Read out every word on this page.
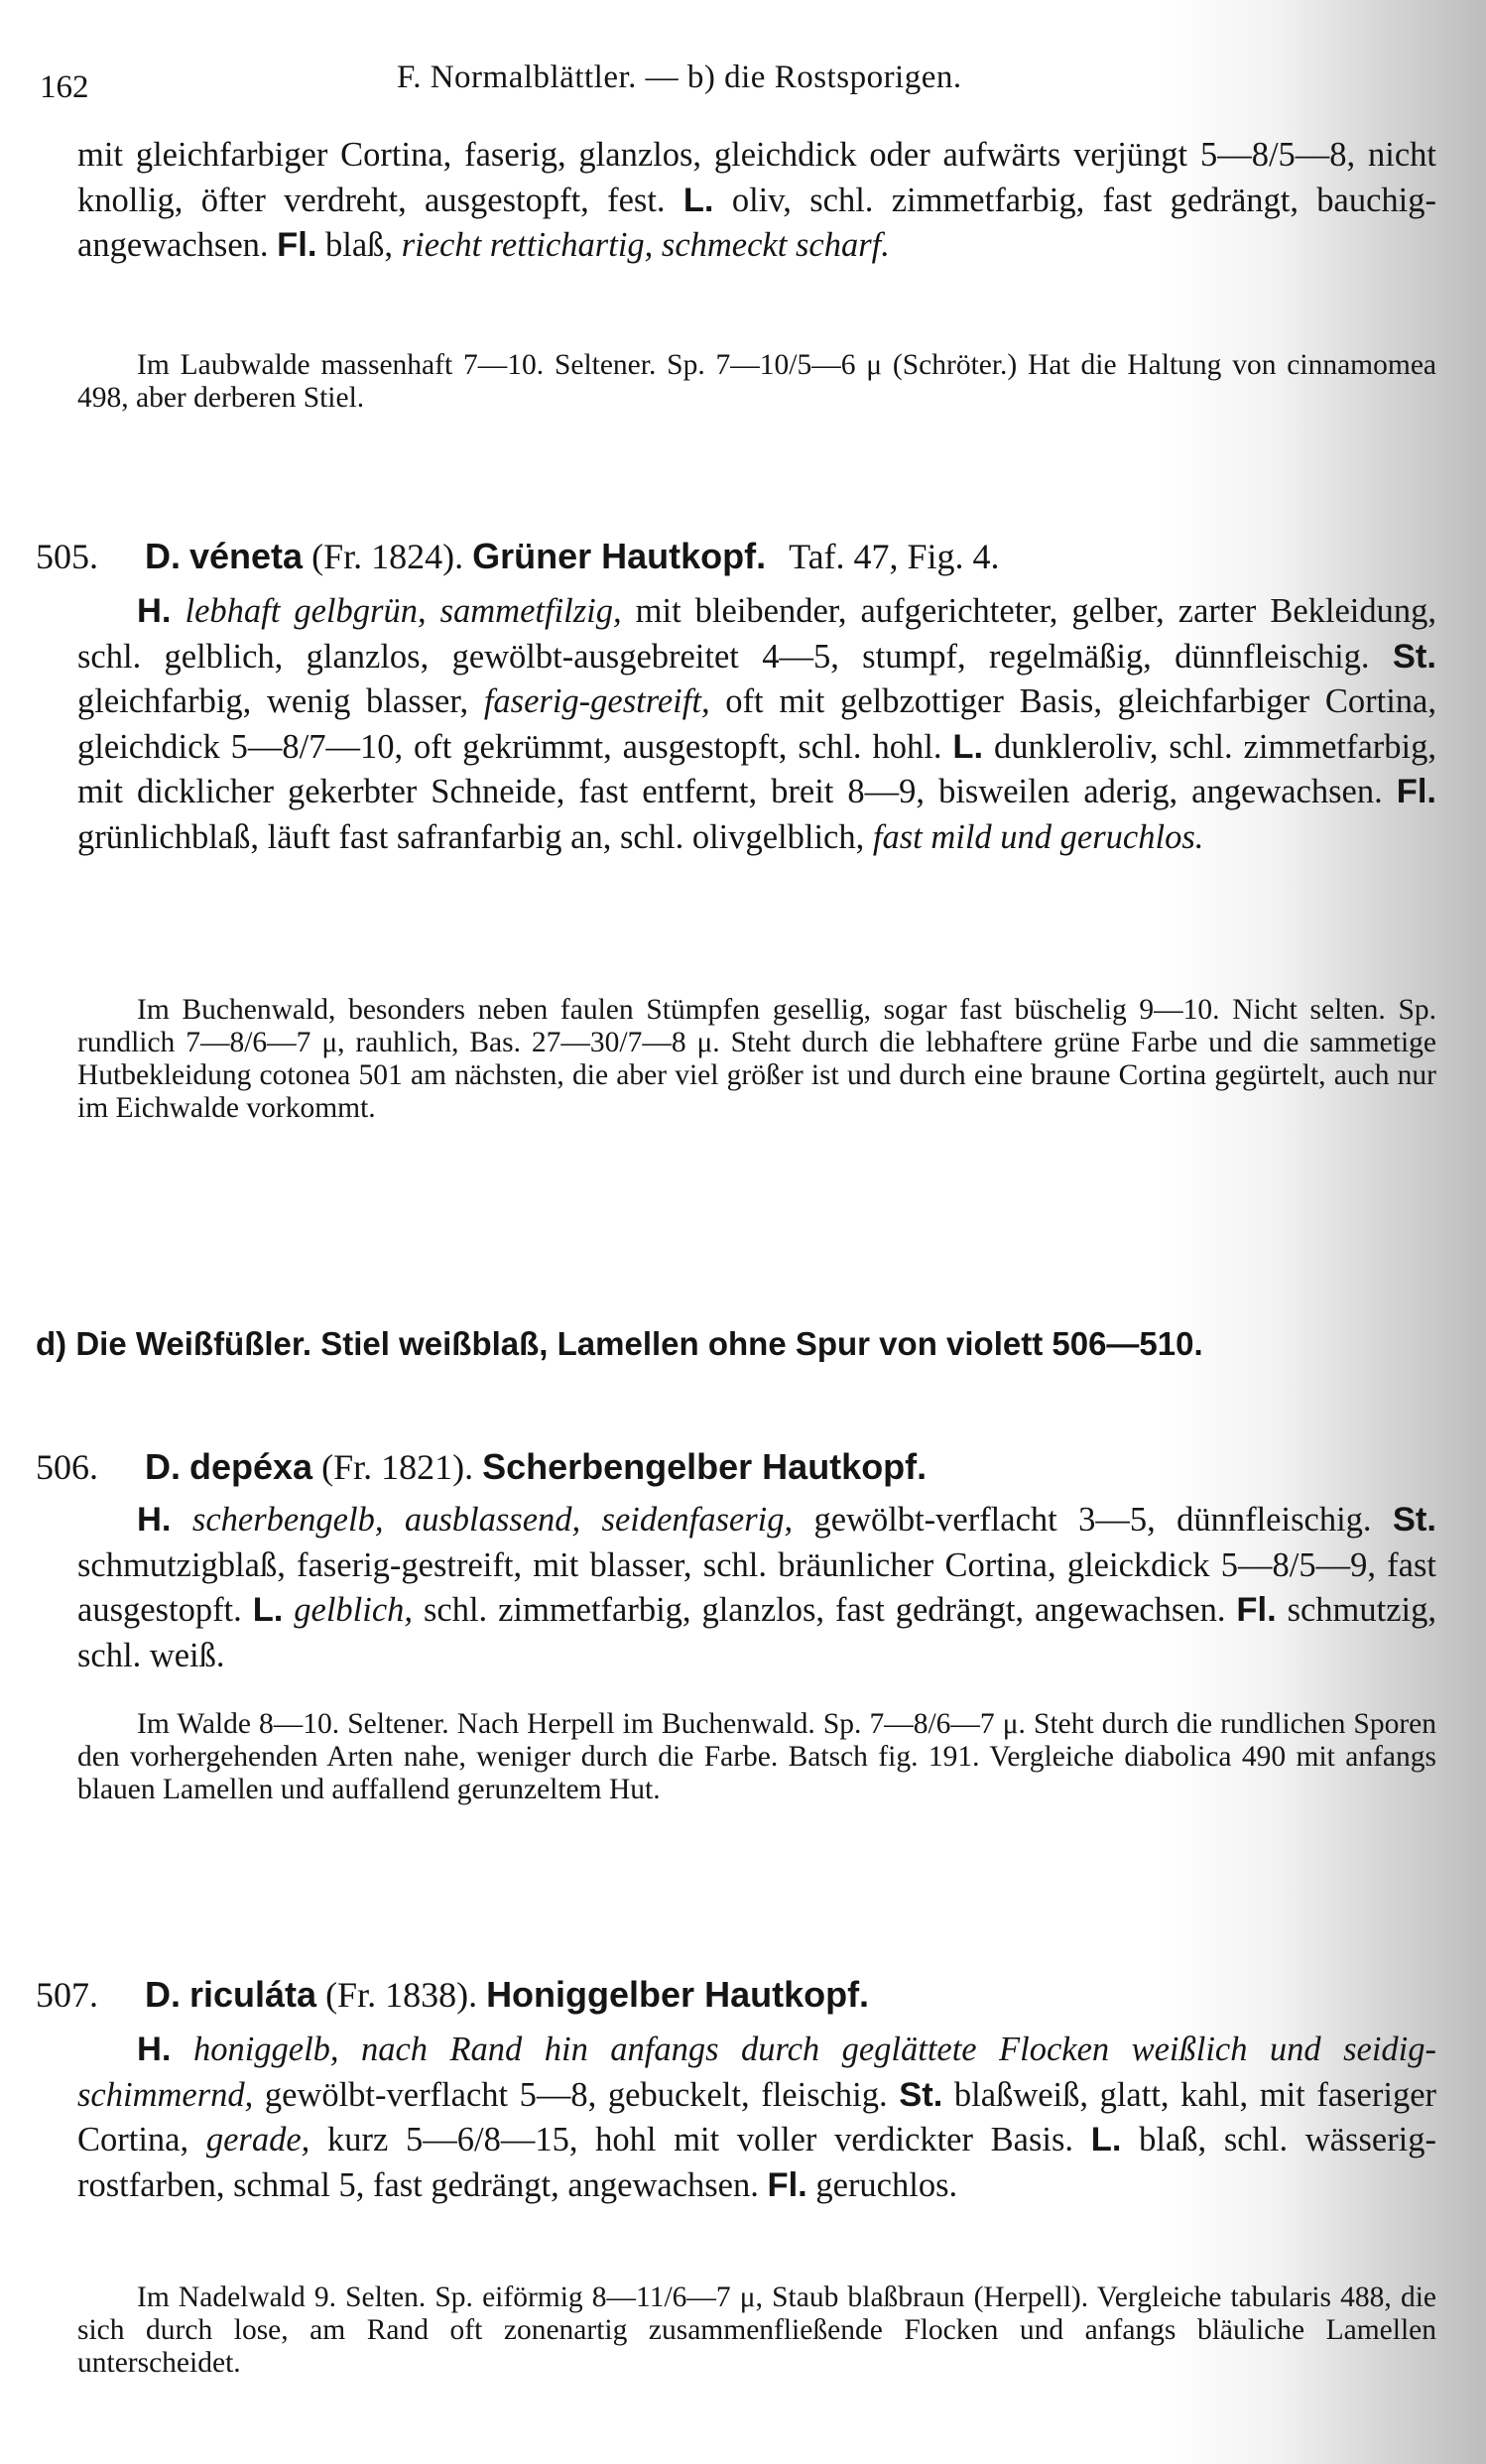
162	F. Normalblättler. — b) die Rostsporigen.

mit gleichfarbiger Cortina, faserig, glanzlos, gleichdick oder aufwärts verjüngt 5—8/5—8, nicht knollig, öfter verdreht, ausgestopft, fest. L. oliv, schl. zimmetfarbig, fast gedrängt, bauchig-angewachsen. Fl. blaß, riecht rettichartig, schmeckt scharf.

Im Laubwalde massenhaft 7—10. Seltener. Sp. 7—10/5—6 μ (Schröter.) Hat die Haltung von cinnamomea 498, aber derberen Stiel.

505. D. véneta (Fr. 1824). Grüner Hautkopf. Taf. 47, Fig. 4.

H. lebhaft gelbgrün, sammetfilzig, mit bleibender, aufgerichteter, gelber, zarter Bekleidung, schl. gelblich, glanzlos, gewölbt-ausgebreitet 4—5, stumpf, regelmäßig, dünnfleischig. St. gleichfarbig, wenig blasser, faserig-gestreift, oft mit gelbzottiger Basis, gleichfarbiger Cortina, gleichdick 5—8/7—10, oft gekrümmt, ausgestopft, schl. hohl. L. dunkleroliv, schl. zimmetfarbig, mit dicklicher gekerbter Schneide, fast entfernt, breit 8—9, bisweilen aderig, angewachsen. Fl. grünlichblaß, läuft fast safranfarbig an, schl. olivgelblich, fast mild und geruchlos.

Im Buchenwald, besonders neben faulen Stümpfen gesellig, sogar fast büschelig 9—10. Nicht selten. Sp. rundlich 7—8/6—7 μ, rauhlich, Bas. 27—30/7—8 μ. Steht durch die lebhaftere grüne Farbe und die sammetige Hutbekleidung cotonea 501 am nächsten, die aber viel größer ist und durch eine braune Cortina gegürtelt, auch nur im Eichwalde vorkommt.

d) Die Weißfüßler. Stiel weißblaß, Lamellen ohne Spur von violett 506—510.
506. D. depéxa (Fr. 1821). Scherbengelber Hautkopf.

H. scherbengelb, ausblassend, seidenfaserig, gewölbt-verflacht 3—5, dünnfleischig. St. schmutzigblaß, faserig-gestreift, mit blasser, schl. bräunlicher Cortina, gleickdick 5—8/5—9, fast ausgestopft. L. gelblich, schl. zimmetfarbig, glanzlos, fast gedrängt, angewachsen. Fl. schmutzig, schl. weiß.

Im Walde 8—10. Seltener. Nach Herpell im Buchenwald. Sp. 7—8/6—7 μ. Steht durch die rundlichen Sporen den vorhergehenden Arten nahe, weniger durch die Farbe. Batsch fig. 191. Vergleiche diabolica 490 mit anfangs blauen Lamellen und auffallend gerunzeltem Hut.

507. D. riculáta (Fr. 1838). Honiggelber Hautkopf.

H. honiggelb, nach Rand hin anfangs durch geglättete Flocken weißlich und seidig-schimmernd, gewölbt-verflacht 5—8, gebuckelt, fleischig. St. blaßweiß, glatt, kahl, mit faseriger Cortina, gerade, kurz 5—6/8—15, hohl mit voller verdickter Basis. L. blaß, schl. wässerig-rostfarben, schmal 5, fast gedrängt, angewachsen. Fl. geruchlos.

Im Nadelwald 9. Selten. Sp. eiförmig 8—11/6—7 μ, Staub blaßbraun (Herpell). Vergleiche tabularis 488, die sich durch lose, am Rand oft zonenartig zusammenfließende Flocken und anfangs bläuliche Lamellen unterscheidet.
